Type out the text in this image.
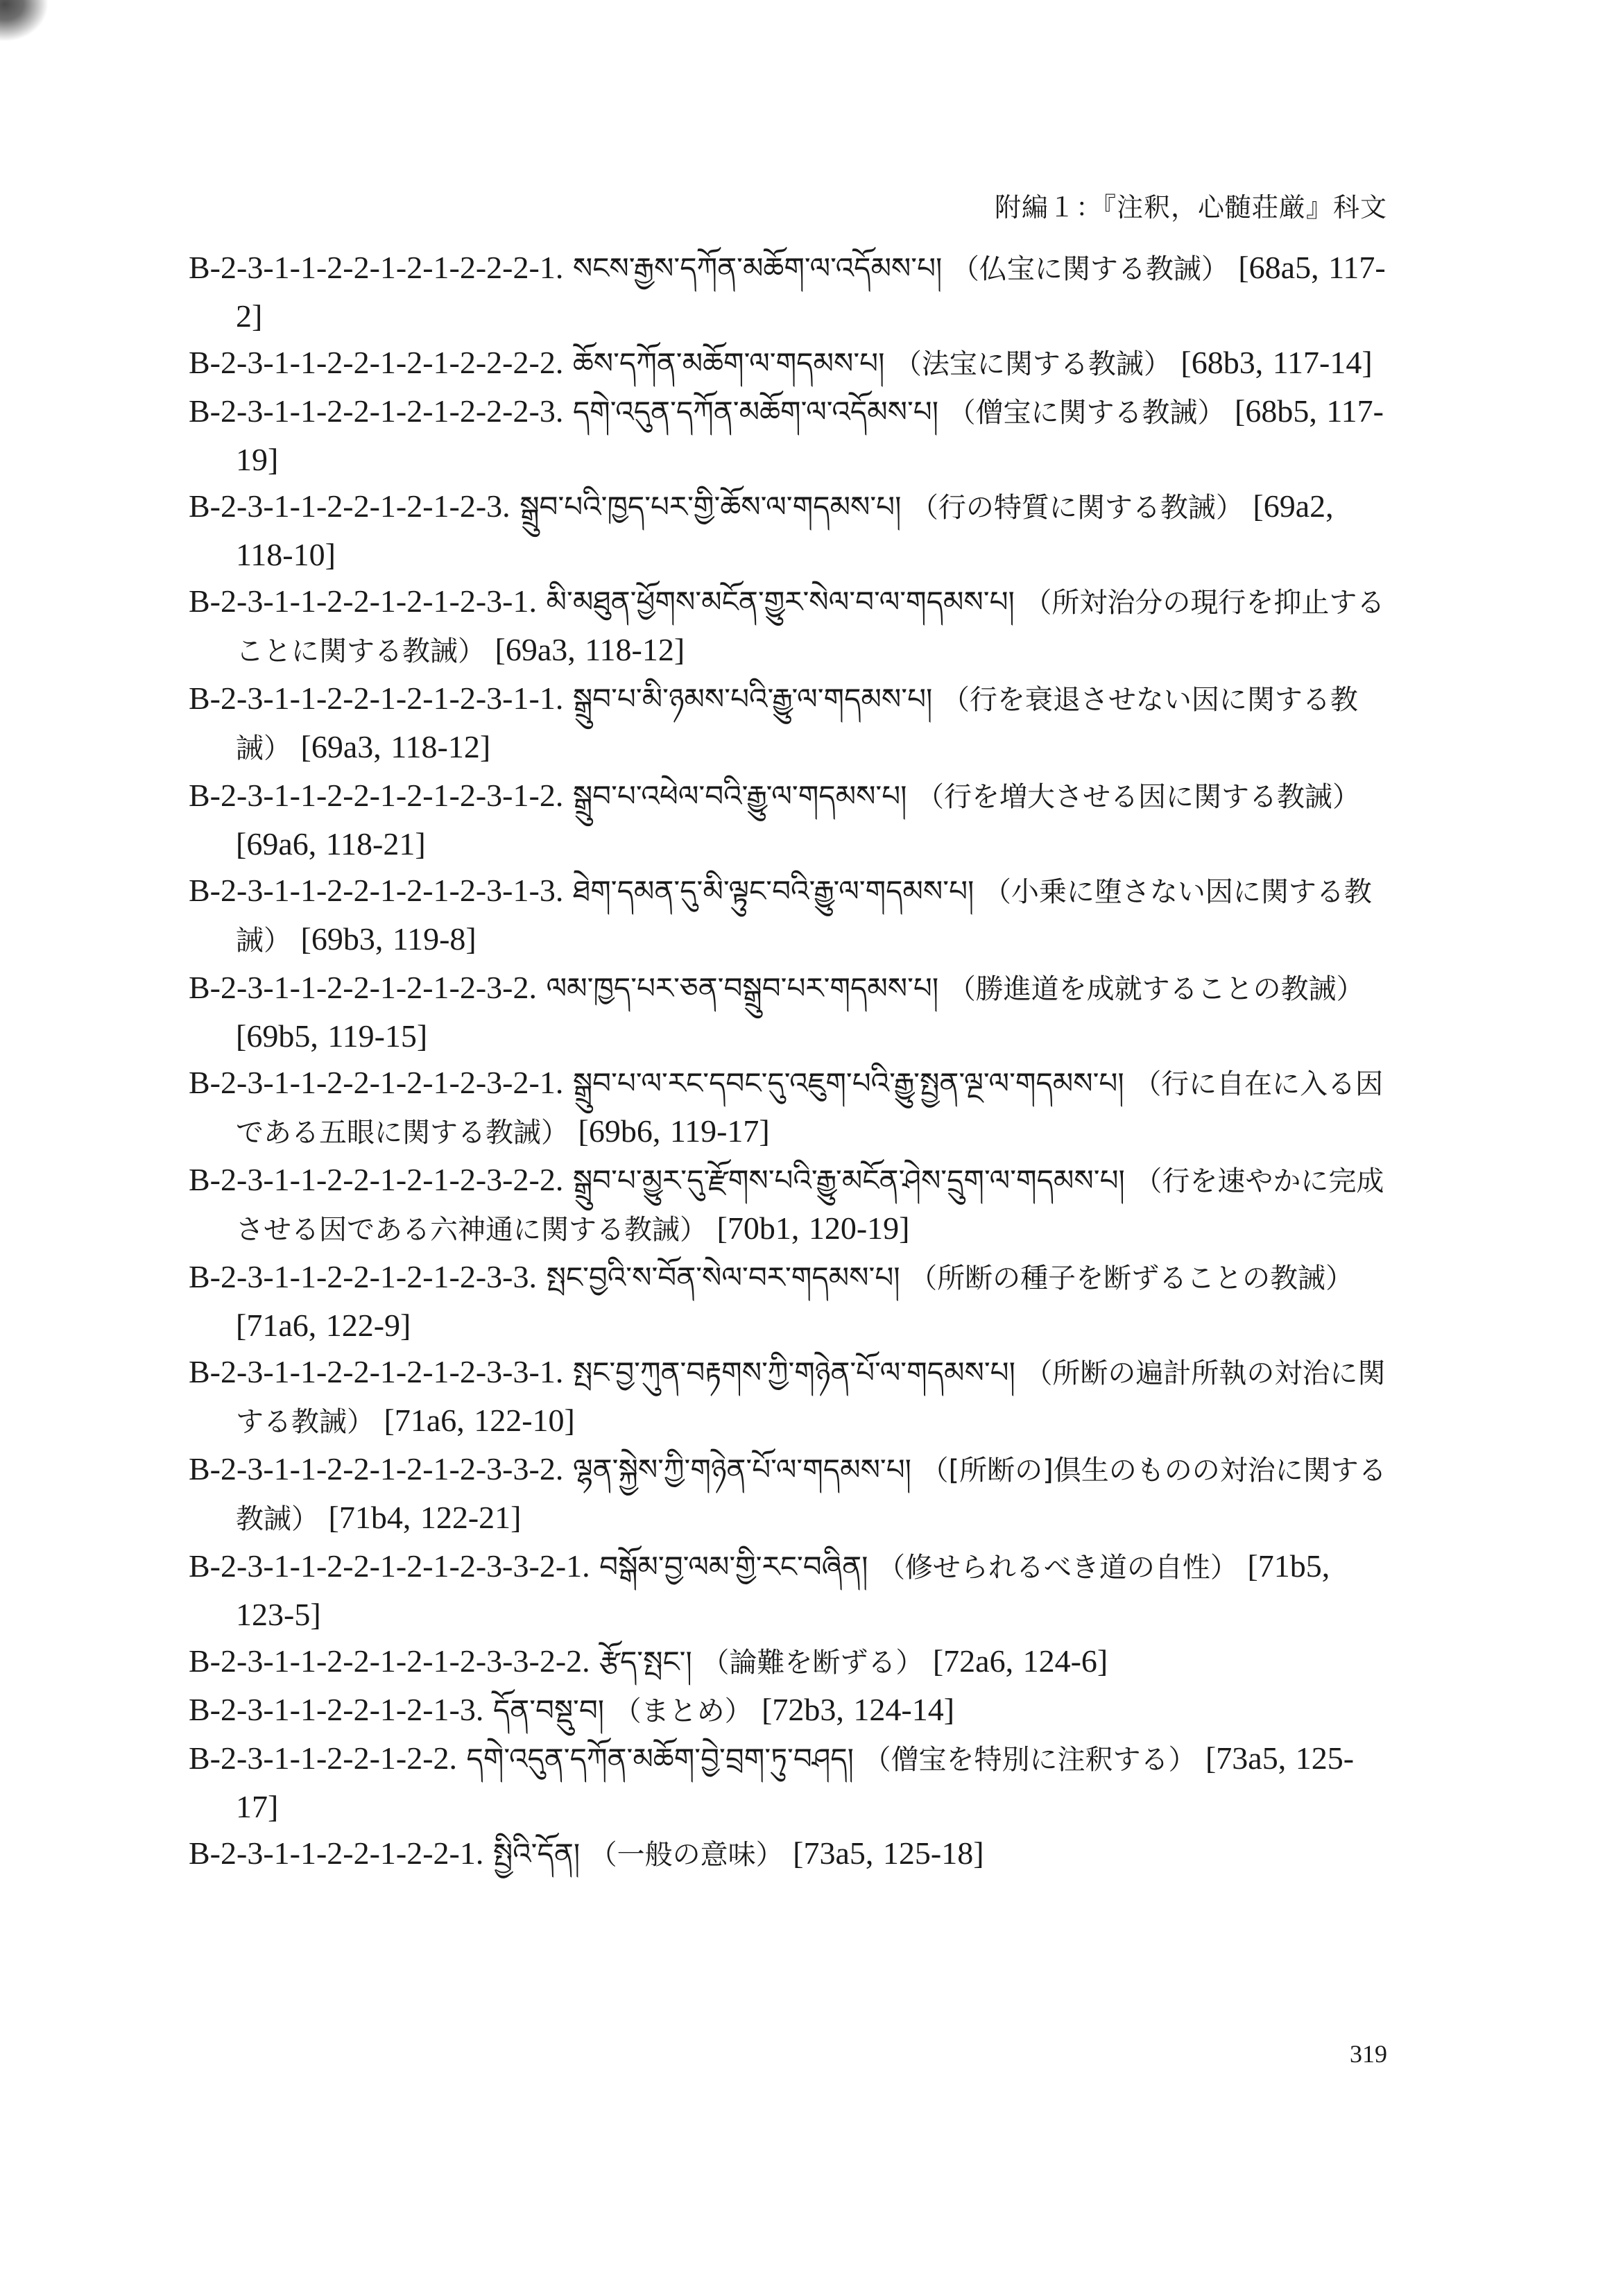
附編１：『注釈，心髄荘厳』科文

B-2-3-1-1-2-2-1-2-1-2-2-2-1. སངས་རྒྱས་དཀོན་མཆོག་ལ་འདོམས་པ། （仏宝に関する教誡） [68a5, 117-2]

B-2-3-1-1-2-2-1-2-1-2-2-2-2. ཆོས་དཀོན་མཆོག་ལ་གདམས་པ། （法宝に関する教誡） [68b3, 117-14]

B-2-3-1-1-2-2-1-2-1-2-2-2-3. དགེ་འདུན་དཀོན་མཆོག་ལ་འདོམས་པ། （僧宝に関する教誡） [68b5, 117-19]

B-2-3-1-1-2-2-1-2-1-2-3. སྒྲུབ་པའི་ཁྱད་པར་གྱི་ཆོས་ལ་གདམས་པ། （行の特質に関する教誡） [69a2, 118-10]

B-2-3-1-1-2-2-1-2-1-2-3-1. མི་མཐུན་ཕྱོགས་མངོན་གྱུར་སེལ་བ་ལ་གདམས་པ། （所対治分の現行を抑止することに関する教誡） [69a3, 118-12]

B-2-3-1-1-2-2-1-2-1-2-3-1-1. སྒྲུབ་པ་མི་ཉམས་པའི་རྒྱུ་ལ་གདམས་པ། （行を衰退させない因に関する教誡） [69a3, 118-12]

B-2-3-1-1-2-2-1-2-1-2-3-1-2. སྒྲུབ་པ་འཕེལ་བའི་རྒྱུ་ལ་གདམས་པ། （行を増大させる因に関する教誡） [69a6, 118-21]

B-2-3-1-1-2-2-1-2-1-2-3-1-3. ཐེག་དམན་དུ་མི་ལྟུང་བའི་རྒྱུ་ལ་གདམས་པ། （小乗に堕さない因に関する教誡） [69b3, 119-8]

B-2-3-1-1-2-2-1-2-1-2-3-2. ལམ་ཁྱད་པར་ཅན་བསྒྲུབ་པར་གདམས་པ། （勝進道を成就することの教誡） [69b5, 119-15]

B-2-3-1-1-2-2-1-2-1-2-3-2-1. སྒྲུབ་པ་ལ་རང་དབང་དུ་འཇུག་པའི་རྒྱུ་སྤྱན་ལྔ་ལ་གདམས་པ། （行に自在に入る因である五眼に関する教誡） [69b6, 119-17]

B-2-3-1-1-2-2-1-2-1-2-3-2-2. སྒྲུབ་པ་མྱུར་དུ་རྫོགས་པའི་རྒྱུ་མངོན་ཤེས་དྲུག་ལ་གདམས་པ། （行を速やかに完成させる因である六神通に関する教誡） [70b1, 120-19]

B-2-3-1-1-2-2-1-2-1-2-3-3. སྤང་བྱའི་ས་བོན་སེལ་བར་གདམས་པ། （所断の種子を断ずることの教誡） [71a6, 122-9]

B-2-3-1-1-2-2-1-2-1-2-3-3-1. སྤང་བྱ་ཀུན་བརྟགས་ཀྱི་གཉེན་པོ་ལ་གདམས་པ། （所断の遍計所執の対治に関する教誡） [71a6, 122-10]

B-2-3-1-1-2-2-1-2-1-2-3-3-2. ལྷན་སྐྱེས་ཀྱི་གཉེན་པོ་ལ་གདམས་པ། （[所断の]倶生のものの対治に関する教誡） [71b4, 122-21]

B-2-3-1-1-2-2-1-2-1-2-3-3-2-1. བསྒོམ་བྱ་ལམ་གྱི་རང་བཞིན། （修せられるべき道の自性） [71b5, 123-5]

B-2-3-1-1-2-2-1-2-1-2-3-3-2-2. རྩོད་སྤང་། （論難を断ずる） [72a6, 124-6]

B-2-3-1-1-2-2-1-2-1-3. དོན་བསྡུ་བ། （まとめ） [72b3, 124-14]

B-2-3-1-1-2-2-1-2-2. དགེ་འདུན་དཀོན་མཆོག་བྱེ་བྲག་ཏུ་བཤད། （僧宝を特別に注釈する） [73a5, 125-17]

B-2-3-1-1-2-2-1-2-2-1. སྤྱིའི་དོན། （一般の意味） [73a5, 125-18]

319
